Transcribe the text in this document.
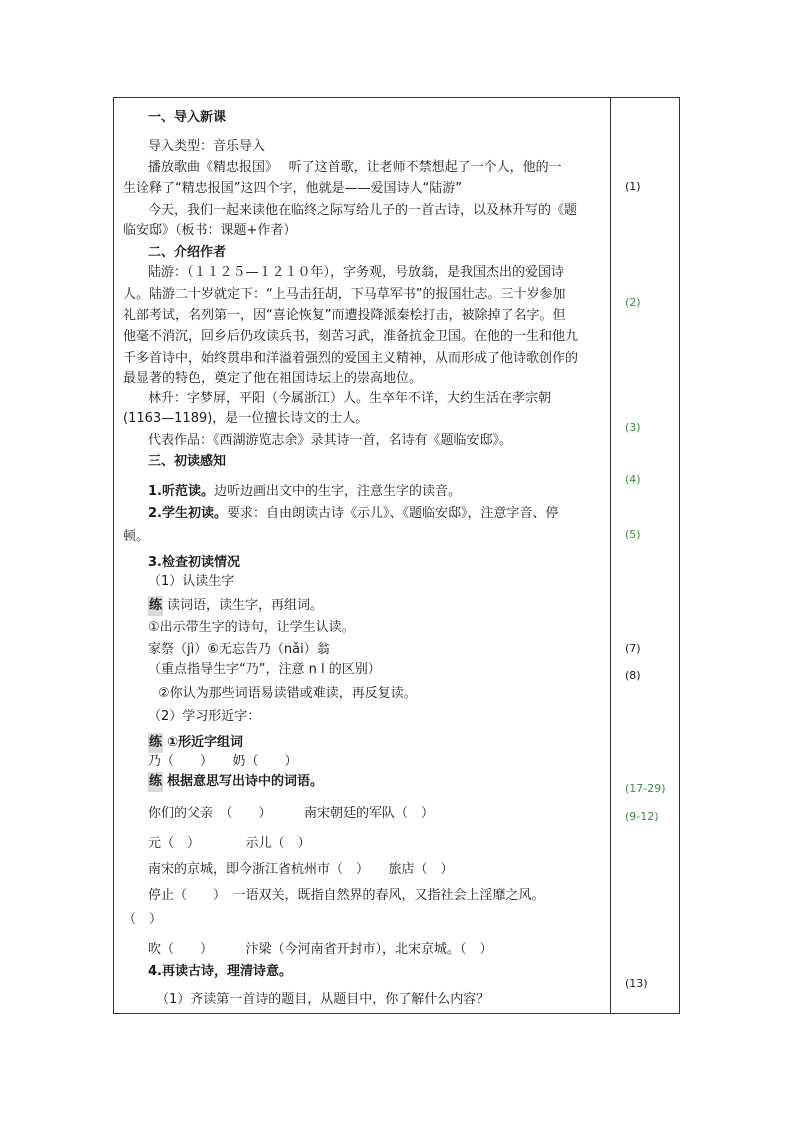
一、导入新课
导入类型：音乐导入
播放歌曲《精忠报国》　 听了这首歌，让老师不禁想起了一个人，他的一
生诠释了“精忠报国”这四个字，他就是——爱国诗人“陆游”
今天，我们一起来读他在临终之际写给儿子的一首古诗，以及林升写的《题
临安邸》（板书：课题+作者）
二、介绍作者
陆游：（１１２５—１２１０年），字务观，号放翁，是我国杰出的爱国诗
人。陆游二十岁就定下：“上马击狂胡，下马草军书”的报国壮志。三十岁参加
礼部考试，名列第一，因“喜论恢复”而遭投降派秦桧打击，被除掉了名字。但
他毫不消沉，回乡后仍攻读兵书，刻苦习武，准备抗金卫国。在他的一生和他九
千多首诗中，始终贯串和洋溢着强烈的爱国主义精神，从而形成了他诗歌创作的
最显著的特色，奠定了他在祖国诗坛上的崇高地位。
林升：字梦屏，平阳（今属浙江）人。生卒年不详，大约生活在孝宗朝
(1163—1189)，是一位擅长诗文的士人。
代表作品：《西湖游览志余》录其诗一首，名诗有《题临安邸》。
三、初读感知
1.听范读。边听边画出文中的生字，注意生字的读音。
2.学生初读。要求：自由朗读古诗《示儿》、《题临安邸》，注意字音、停
顿。
3.检查初读情况
（1）认读生字
练 读词语，读生字，再组词。
①出示带生字的诗句，让学生认读。
家祭（jì）⑥无忘告乃（nǎi）翁
（重点指导生字“乃”，注意 n l 的区别）
②你认为那些词语易读错或难读，再反复读。
（2）学习形近字：
练 ①形近字组词
乃（　　）　　奶（　　）
练 根据意思写出诗中的词语。
你们的父亲　（　　）　　　南宋朝廷的军队（　）
元（　）　　　　示儿（　）
南宋的京城，即今浙江省杭州市（　）　　旅店（　）
停止（　　）　一语双关，既指自然界的春风，又指社会上淫靡之风。
（　）
吹（　　）　　　汴梁（今河南省开封市），北宋京城。（　）
4.再读古诗，理清诗意。
（1）齐读第一首诗的题目，从题目中，你了解什么内容？
(1)
(2)
(3)
(4)
(5)
(7)
(8)
(17-29)
(9-12)
(13)
